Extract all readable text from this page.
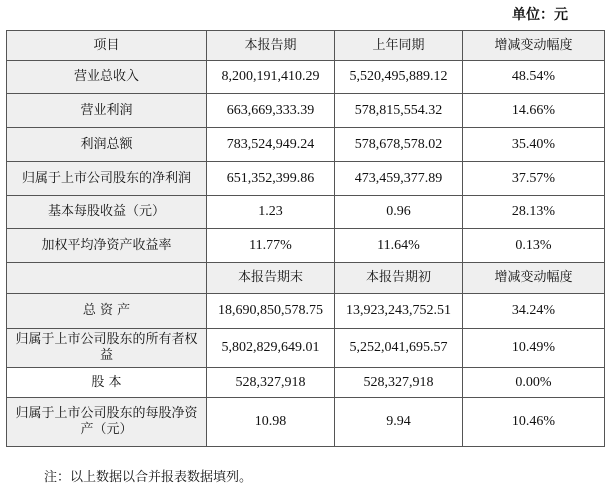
单位：元
项目	本报告期	上年同期	增减变动幅度
营业总收入	8,200,191,410.29	5,520,495,889.12	48.54%
营业利润	663,669,333.39	578,815,554.32	14.66%
利润总额	783,524,949.24	578,678,578.02	35.40%
归属于上市公司股东的净利润	651,352,399.86	473,459,377.89	37.57%
基本每股收益（元）	1.23	0.96	28.13%
加权平均净资产收益率	11.77%	11.64%	0.13%
	本报告期末	本报告期初	增减变动幅度
总 资 产	18,690,850,578.75	13,923,243,752.51	34.24%
归属于上市公司股东的所有者权益	5,802,829,649.01	5,252,041,695.57	10.49%
股 本	528,327,918	528,327,918	0.00%
归属于上市公司股东的每股净资产（元）	10.98	9.94	10.46%
注：以上数据以合并报表数据填列。
